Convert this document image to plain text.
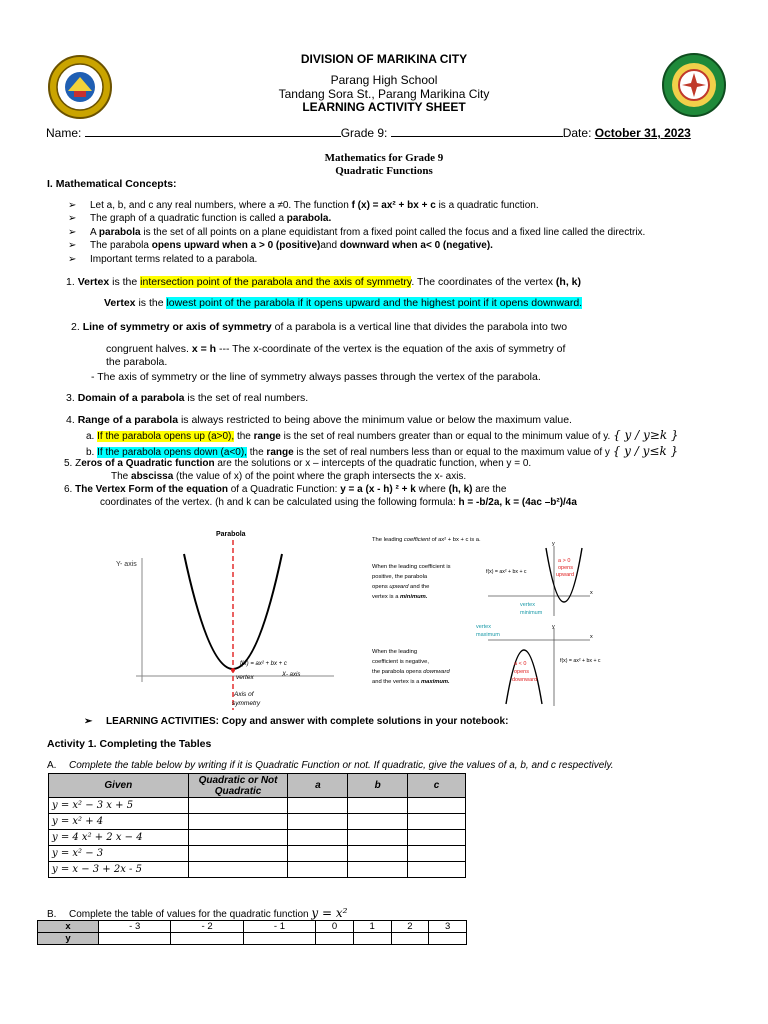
DIVISION OF MARIKINA CITY
Parang High School
Tandang Sora St., Parang Marikina City
LEARNING ACTIVITY SHEET
Name:	Grade 9:	Date: October 31, 2023
Mathematics for Grade 9
Quadratic Functions
I. Mathematical Concepts:
➢ Let a, b, and c any real numbers, where a ≠0. The function f (x) = ax² + bx + c is a quadratic function.
➢ The graph of a quadratic function is called a parabola.
➢ A parabola is the set of all points on a plane equidistant from a fixed point called the focus and a fixed line called the directrix.
➢ The parabola opens upward when a > 0 (positive)and downward when a< 0 (negative).
➢ Important terms related to a parabola.
1. Vertex is the intersection point of the parabola and the axis of symmetry. The coordinates of the vertex (h, k)
Vertex is the lowest point of the parabola if it opens upward and the highest point if it opens downward.
2. Line of symmetry or axis of symmetry of a parabola is a vertical line that divides the parabola into two
congruent halves. x = h --- The x-coordinate of the vertex is the equation of the axis of symmetry of
the parabola.
- The axis of symmetry or the line of symmetry always passes through the vertex of the parabola.
3. Domain of a parabola is the set of real numbers.
4. Range of a parabola is always restricted to being above the minimum value or below the maximum value.
a. If the parabola opens up (a>0), the range is the set of real numbers greater than or equal to the minimum value of y. { y / y≥k }
b. If the parabola opens down (a<0), the range is the set of real numbers less than or equal to the maximum value of y { y / y≤k }
5. Zeros of a Quadratic function are the solutions or x – intercepts of the quadratic function, when y = 0.
The abscissa (the value of x) of the point where the graph intersects the x- axis.
6. The Vertex Form of the equation of a Quadratic Function: y = a (x - h) ² + k where (h, k) are the
coordinates of the vertex. (h and k can be calculated using the following formula: h = -b/2a, k = (4ac –b²)/4a
Parabola
Y- axis
X- axis
f(x) = ax² + bx + c
vertex
Axis of
symmetry
The leading coefficient of ax² + bx + c is a.
When the leading coefficient is
positive, the parabola
opens upward and the
vertex is a minimum.
When the leading
coefficient is negative,
the parabola opens downward
and the vertex is a maximum.
y
x
f(x) = ax² + bx + c
a > 0
opens
upward
vertex
minimum
y
x
vertex
maximum
a < 0
opens
downward
f(x) = ax² + bx + c
➢ LEARNING ACTIVITIES: Copy and answer with complete solutions in your notebook:
Activity 1. Completing the Tables
A. Complete the table below by writing if it is Quadratic Function or not. If quadratic, give the values of a, b, and c respectively.
Given	Quadratic or Not Quadratic	a	b	c
y = x² − 3 x + 5				
y = x² + 4				
y = 4 x² + 2 x − 4				
y = x² − 3				
y = x − 3 + 2x - 5				
B. Complete the table of values for the quadratic function y = x²
x	- 3	- 2	- 1	0	1	2	3
y							
